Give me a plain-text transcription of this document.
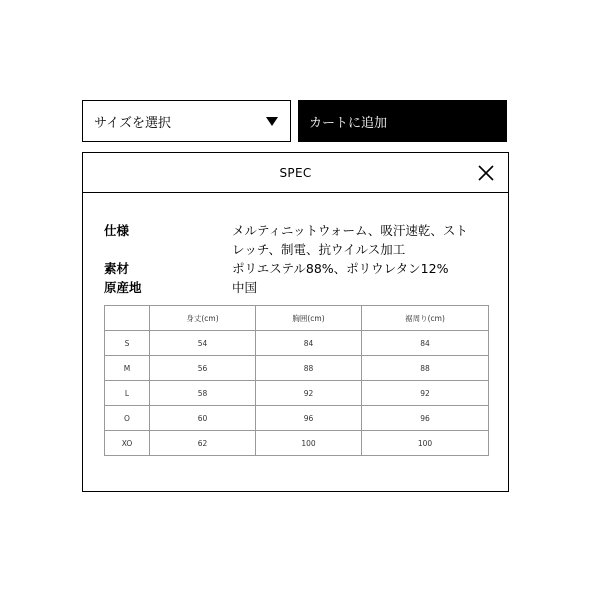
サイズを選択	カートに追加
SPEC
仕様	メルティニットウォーム、吸汗速乾、ストレッチ、制電、抗ウイルス加工
素材	ポリエステル88%、ポリウレタン12%
原産地	中国
	身丈(cm)	胸囲(cm)	裾周り(cm)
S	54	84	84
M	56	88	88
L	58	92	92
O	60	96	96
XO	62	100	100
